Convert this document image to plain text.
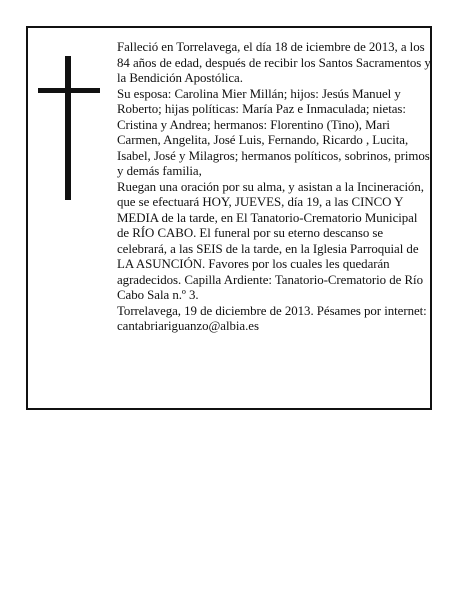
Falleció en Torrelavega, el día 18 de iciembre de 2013, a los 84 años de edad, después de recibir los Santos Sacramentos y la Bendición Apostólica.

Su esposa: Carolina Mier Millán; hijos: Jesús Manuel y Roberto; hijas políticas: María Paz e Inmaculada; nietas: Cristina y Andrea; hermanos: Florentino (Tino), Mari Carmen, Angelita, José Luis, Fernando, Ricardo , Lucita, Isabel, José y Milagros; hermanos políticos, sobrinos, primos y demás familia,

Ruegan una oración por su alma, y asistan a la Incineración, que se efectuará HOY, JUEVES, día 19, a las CINCO Y MEDIA de la tarde, en El Tanatorio-Crematorio Municipal de RÍO CABO. El funeral por su eterno descanso se celebrará, a las SEIS de la tarde, en la Iglesia Parroquial de LA ASUNCIÓN. Favores por los cuales les quedarán agradecidos. Capilla Ardiente: Tanatorio-Crematorio de Río Cabo Sala n.º 3.

Torrelavega, 19 de diciembre de 2013. Pésames por internet: cantabriariguanzo@albia.es
